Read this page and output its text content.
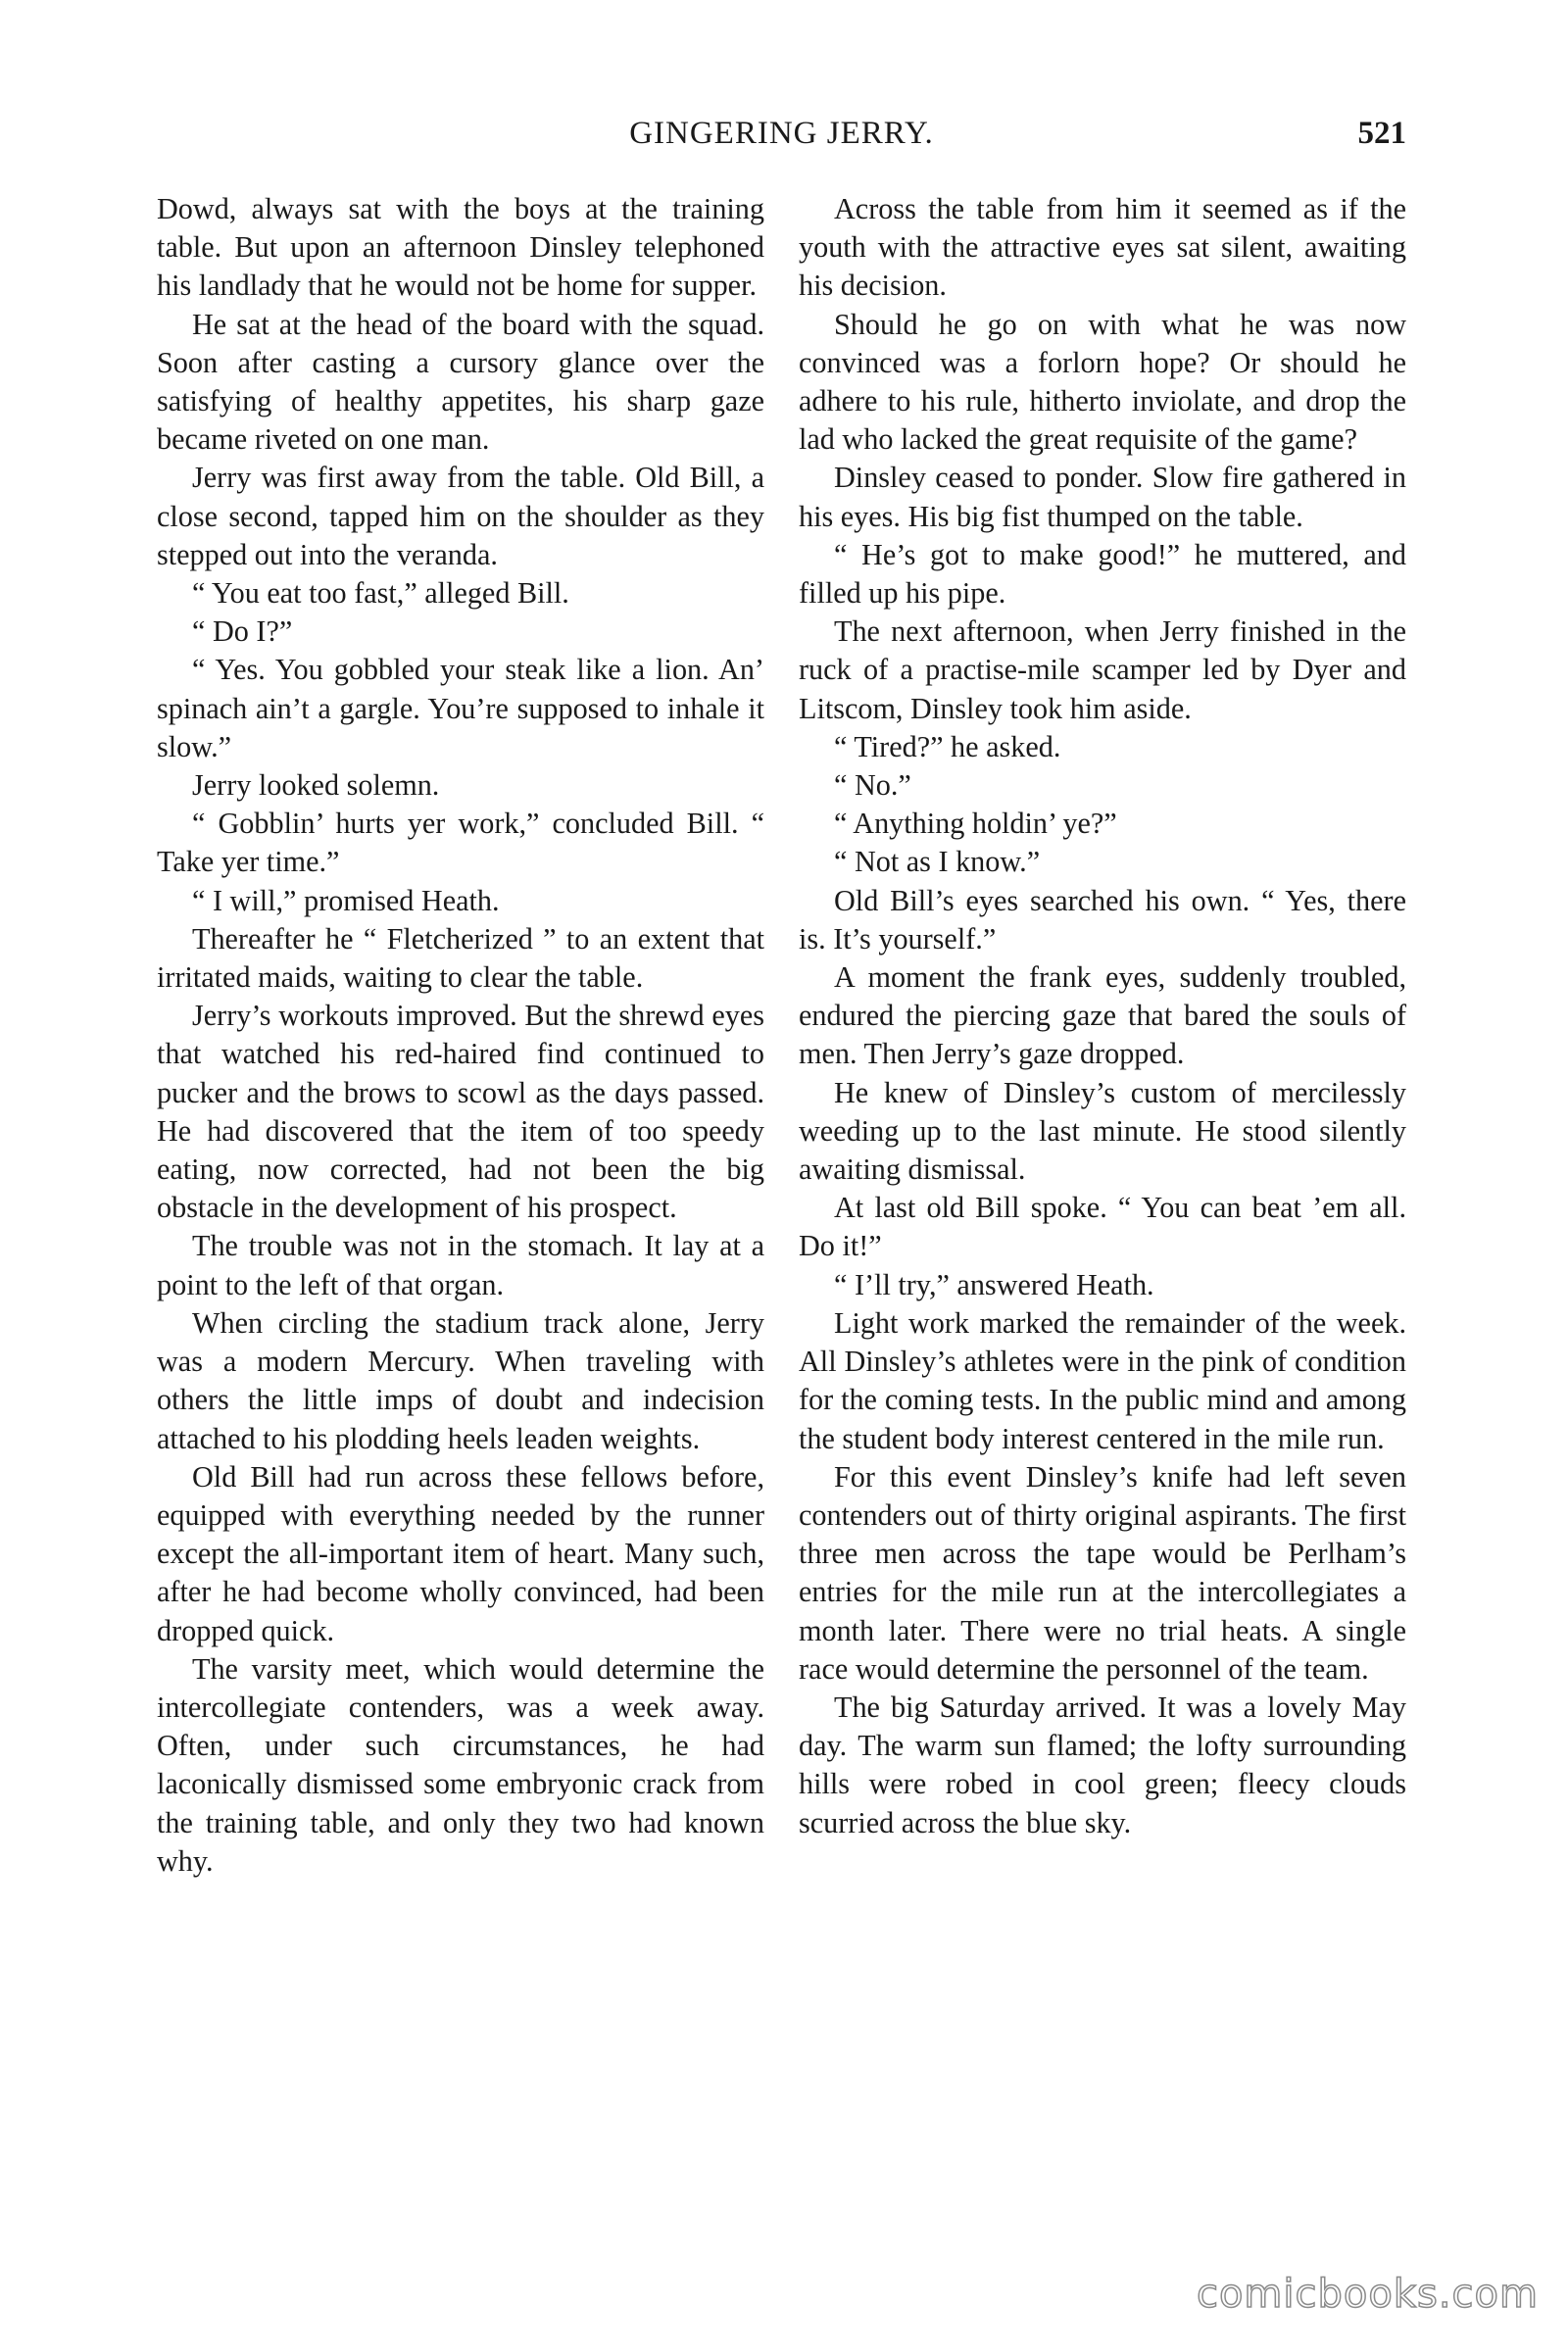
GINGERING JERRY.	521

Dowd, always sat with the boys at the training table. But upon an afternoon Dinsley telephoned his landlady that he would not be home for supper.

He sat at the head of the board with the squad. Soon after casting a cursory glance over the satisfying of healthy appetites, his sharp gaze became riveted on one man.

Jerry was first away from the table. Old Bill, a close second, tapped him on the shoulder as they stepped out into the veranda.

“ You eat too fast,” alleged Bill.

“ Do I?”

“ Yes. You gobbled your steak like a lion. An’ spinach ain’t a gargle. You’re supposed to inhale it slow.”

Jerry looked solemn.

“ Gobblin’ hurts yer work,” concluded Bill. “ Take yer time.”

“ I will,” promised Heath.

Thereafter he “ Fletcherized ” to an extent that irritated maids, waiting to clear the table.

Jerry’s workouts improved. But the shrewd eyes that watched his red-haired find continued to pucker and the brows to scowl as the days passed. He had discovered that the item of too speedy eating, now corrected, had not been the big obstacle in the development of his prospect.

The trouble was not in the stomach. It lay at a point to the left of that organ.

When circling the stadium track alone, Jerry was a modern Mercury. When traveling with others the little imps of doubt and indecision attached to his plodding heels leaden weights.

Old Bill had run across these fellows before, equipped with everything needed by the runner except the all-important item of heart. Many such, after he had become wholly convinced, had been dropped quick.

The varsity meet, which would determine the intercollegiate contenders, was a week away. Often, under such circumstances, he had laconically dismissed some embryonic crack from the training table, and only they two had known why.

Across the table from him it seemed as if the youth with the attractive eyes sat silent, awaiting his decision.

Should he go on with what he was now convinced was a forlorn hope? Or should he adhere to his rule, hitherto inviolate, and drop the lad who lacked the great requisite of the game?

Dinsley ceased to ponder. Slow fire gathered in his eyes. His big fist thumped on the table.

“ He’s got to make good!” he muttered, and filled up his pipe.

The next afternoon, when Jerry finished in the ruck of a practise-mile scamper led by Dyer and Litscom, Dinsley took him aside.

“ Tired?” he asked.

“ No.”

“ Anything holdin’ ye?”

“ Not as I know.”

Old Bill’s eyes searched his own. “ Yes, there is. It’s yourself.”

A moment the frank eyes, suddenly troubled, endured the piercing gaze that bared the souls of men. Then Jerry’s gaze dropped.

He knew of Dinsley’s custom of mercilessly weeding up to the last minute. He stood silently awaiting dismissal.

At last old Bill spoke. “ You can beat ’em all. Do it!”

“ I’ll try,” answered Heath.

Light work marked the remainder of the week. All Dinsley’s athletes were in the pink of condition for the coming tests. In the public mind and among the student body interest centered in the mile run.

For this event Dinsley’s knife had left seven contenders out of thirty original aspirants. The first three men across the tape would be Perlham’s entries for the mile run at the intercollegiates a month later. There were no trial heats. A single race would determine the personnel of the team.

The big Saturday arrived. It was a lovely May day. The warm sun flamed; the lofty surrounding hills were robed in cool green; fleecy clouds scurried across the blue sky.

comicbooks.com
